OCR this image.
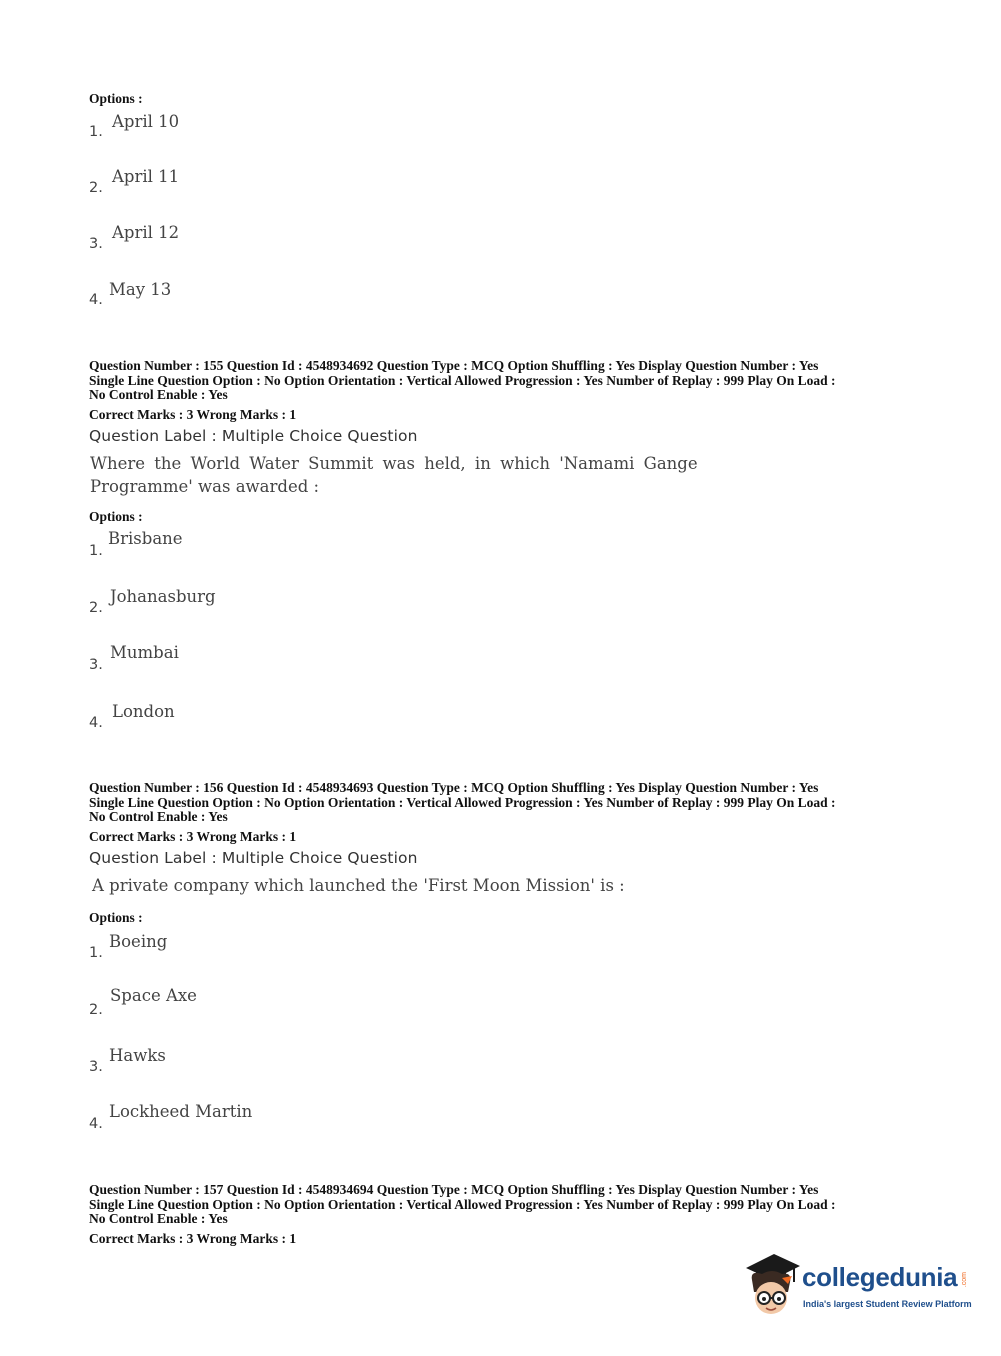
Options :
1.
April 10
2.
April 11
3.
April 12
4.
May 13
Question Number : 155 Question Id : 4548934692 Question Type : MCQ Option Shuffling : Yes Display Question Number : Yes
Single Line Question Option : No Option Orientation : Vertical Allowed Progression : Yes Number of Replay : 999 Play On Load :
No Control Enable : Yes
Correct Marks : 3 Wrong Marks : 1
Question Label : Multiple Choice Question
Where the World Water Summit was held, in which 'Namami Gange
Programme' was awarded :
Options :
1.
Brisbane
2.
Johanasburg
3.
Mumbai
4.
London
Question Number : 156 Question Id : 4548934693 Question Type : MCQ Option Shuffling : Yes Display Question Number : Yes
Single Line Question Option : No Option Orientation : Vertical Allowed Progression : Yes Number of Replay : 999 Play On Load :
No Control Enable : Yes
Correct Marks : 3 Wrong Marks : 1
Question Label : Multiple Choice Question
A private company which launched the 'First Moon Mission' is :
Options :
1.
Boeing
2.
Space Axe
3.
Hawks
4.
Lockheed Martin
Question Number : 157 Question Id : 4548934694 Question Type : MCQ Option Shuffling : Yes Display Question Number : Yes
Single Line Question Option : No Option Orientation : Vertical Allowed Progression : Yes Number of Replay : 999 Play On Load :
No Control Enable : Yes
Correct Marks : 3 Wrong Marks : 1
collegedunia .com
India's largest Student Review Platform
